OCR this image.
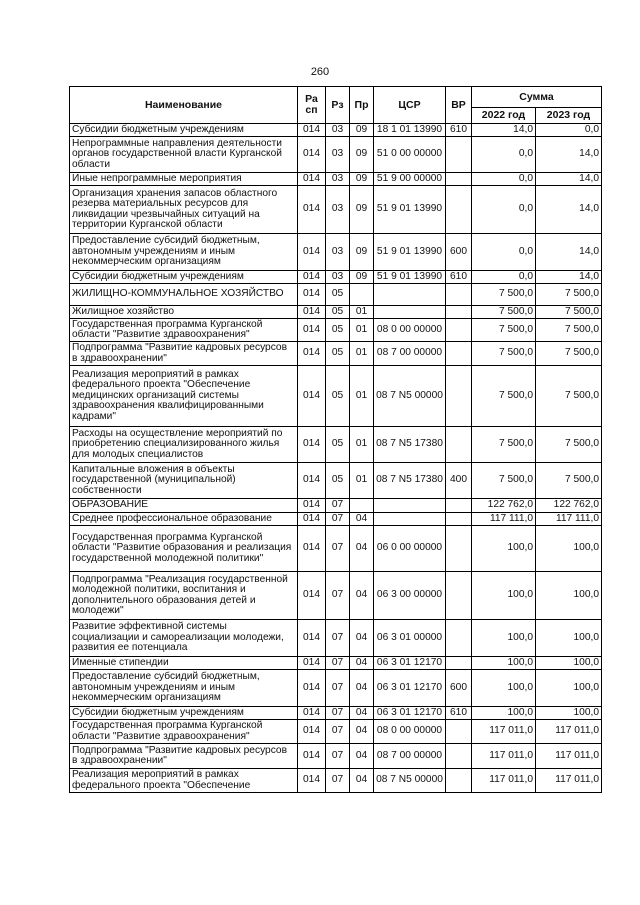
260
Наименование	Ра сп	Рз	Пр	ЦСР	ВР	Сумма	
						2022 год	2023 год
Субсидии бюджетным учреждениям	014	03	09	18 1 01 13990	610	14,0	0,0
Непрограммные направления деятельности органов государственной власти Курганской области	014	03	09	51 0 00 00000		0,0	14,0
Иные непрограммные мероприятия	014	03	09	51 9 00 00000		0,0	14,0
Организация хранения запасов областного резерва материальных ресурсов для ликвидации чрезвычайных ситуаций на территории Курганской области	014	03	09	51 9 01 13990		0,0	14,0
Предоставление субсидий бюджетным, автономным учреждениям и иным некоммерческим организациям	014	03	09	51 9 01 13990	600	0,0	14,0
Субсидии бюджетным учреждениям	014	03	09	51 9 01 13990	610	0,0	14,0
ЖИЛИЩНО-КОММУНАЛЬНОЕ ХОЗЯЙСТВО	014	05				7 500,0	7 500,0
Жилищное хозяйство	014	05	01			7 500,0	7 500,0
Государственная программа Курганской области "Развитие здравоохранения"	014	05	01	08 0 00 00000		7 500,0	7 500,0
Подпрограмма "Развитие кадровых ресурсов в здравоохранении"	014	05	01	08 7 00 00000		7 500,0	7 500,0
Реализация мероприятий в рамках федерального проекта "Обеспечение медицинских организаций системы здравоохранения квалифицированными кадрами"	014	05	01	08 7 N5 00000		7 500,0	7 500,0
Расходы на осуществление мероприятий по приобретению специализированного жилья для молодых специалистов	014	05	01	08 7 N5 17380		7 500,0	7 500,0
Капитальные вложения в объекты государственной (муниципальной) собственности	014	05	01	08 7 N5 17380	400	7 500,0	7 500,0
ОБРАЗОВАНИЕ	014	07				122 762,0	122 762,0
Среднее профессиональное образование	014	07	04			117 111,0	117 111,0
Государственная программа Курганской области "Развитие образования и реализация государственной молодежной политики"	014	07	04	06 0 00 00000		100,0	100,0
Подпрограмма "Реализация государственной молодежной политики, воспитания и дополнительного образования детей и молодежи"	014	07	04	06 3 00 00000		100,0	100,0
Развитие эффективной системы социализации и самореализации молодежи, развития ее потенциала	014	07	04	06 3 01 00000		100,0	100,0
Именные стипендии	014	07	04	06 3 01 12170		100,0	100,0
Предоставление субсидий бюджетным, автономным учреждениям и иным некоммерческим организациям	014	07	04	06 3 01 12170	600	100,0	100,0
Субсидии бюджетным учреждениям	014	07	04	06 3 01 12170	610	100,0	100,0
Государственная программа Курганской области "Развитие здравоохранения"	014	07	04	08 0 00 00000		117 011,0	117 011,0
Подпрограмма "Развитие кадровых ресурсов в здравоохранении"	014	07	04	08 7 00 00000		117 011,0	117 011,0
Реализация мероприятий в рамках федерального проекта "Обеспечение	014	07	04	08 7 N5 00000		117 011,0	117 011,0
